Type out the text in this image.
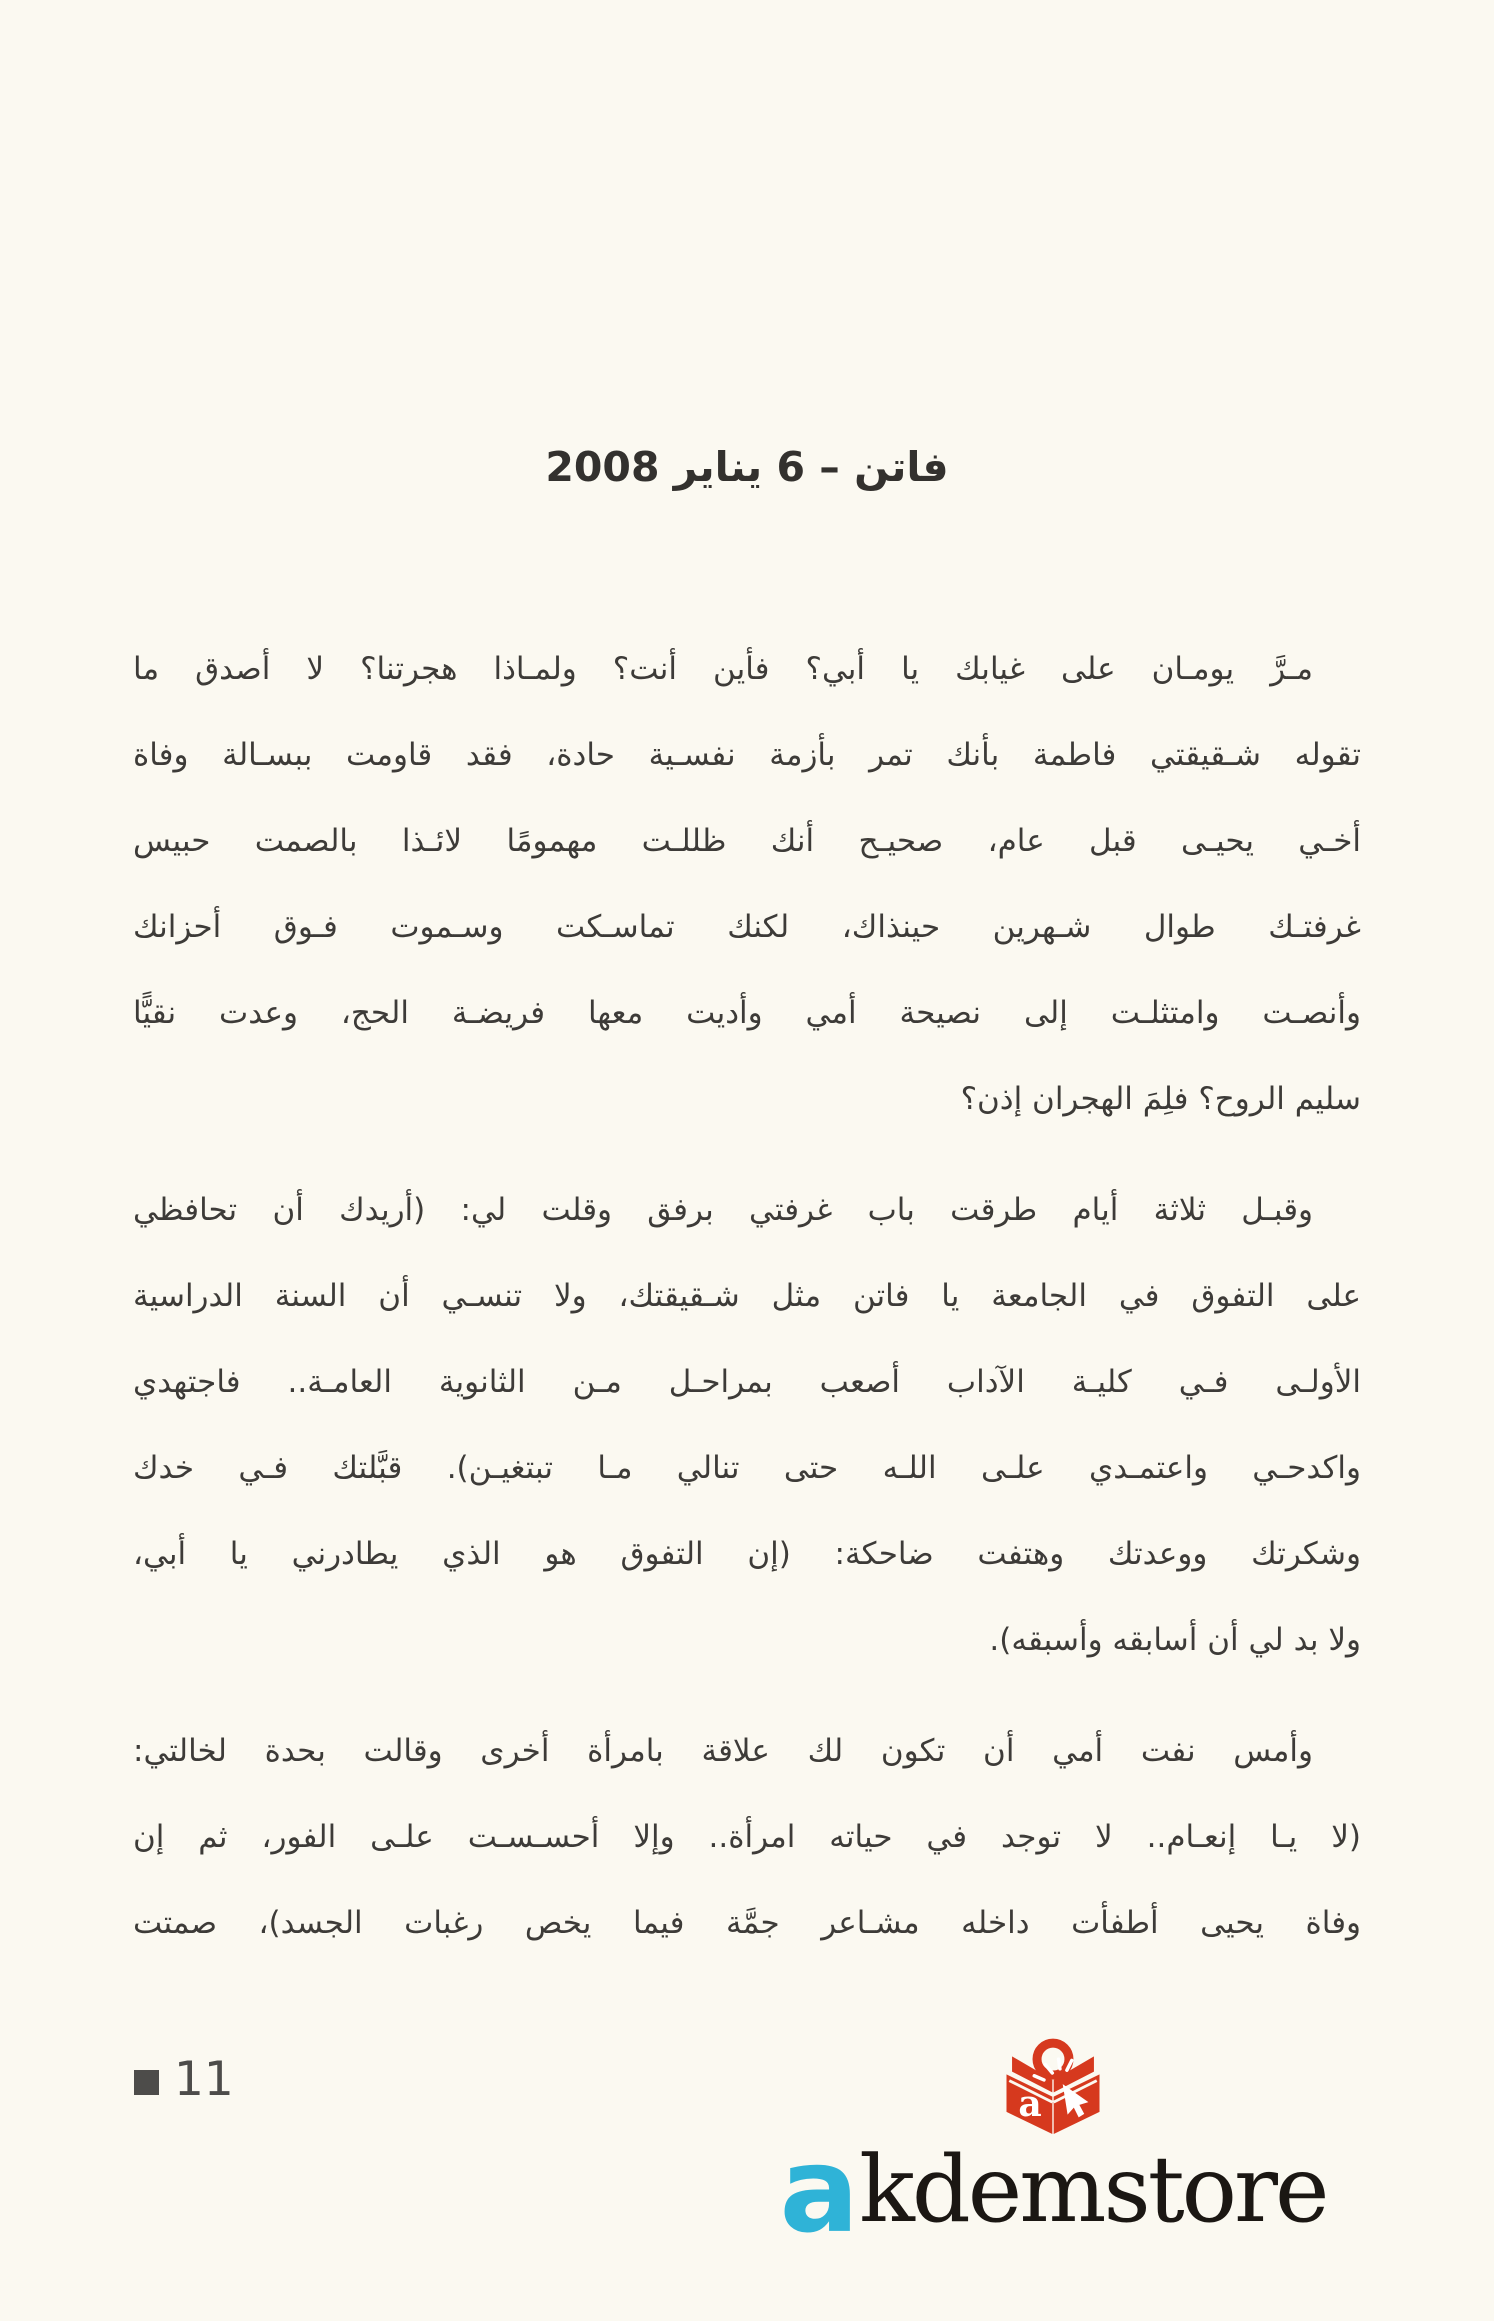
فاتن – 6 يناير 2008
مـرَّ يومـان على غيابك يا أبي؟ فأين أنت؟ ولمـاذا هجرتنا؟ لا أصدق ما
تقوله شـقيقتي فاطمة بأنك تمر بأزمة نفسـية حادة، فقد قاومت ببسـالة وفاة
أخـي يحيـى قبل عام، صحيـح أنك ظللـت مهمومًا لائـذا بالصمت حبيس
غرفتـك طوال شـهرين حينذاك، لكنك تماسـكت وسـموت فـوق أحزانك
وأنصـت وامتثلـت إلى نصيحة أمي وأديت معها فريضـة الحج، وعدت نقيًّا
سليم الروح؟ فلِمَ الهجران إذن؟
وقبـل ثلاثة أيام طرقت باب غرفتي برفق وقلت لي: (أريدك أن تحافظي
على التفوق في الجامعة يا فاتن مثل شـقيقتك، ولا تنسـي أن السنة الدراسية
الأولـى فـي كليـة الآداب أصعب بمراحـل مـن الثانوية العامـة.. فاجتهدي
واكدحـي واعتمـدي علـى اللـه حتى تنالي مـا تبتغيـن). قبَّلتك فـي خدك
وشكرتك ووعدتك وهتفت ضاحكة: (إن التفوق هو الذي يطادرني يا أبي،
ولا بد لي أن أسابقه وأسبقه).
وأمس نفت أمي أن تكون لك علاقة بامرأة أخرى وقالت بحدة لخالتي:
(لا يـا إنعـام.. لا توجد في حياته امرأة.. وإلا أحسـسـت علـى الفور، ثم إن
وفاة يحيى أطفأت داخله مشـاعر جمَّة فيما يخص رغبات الجسد)، صمتت
11	a
a kdemstore
